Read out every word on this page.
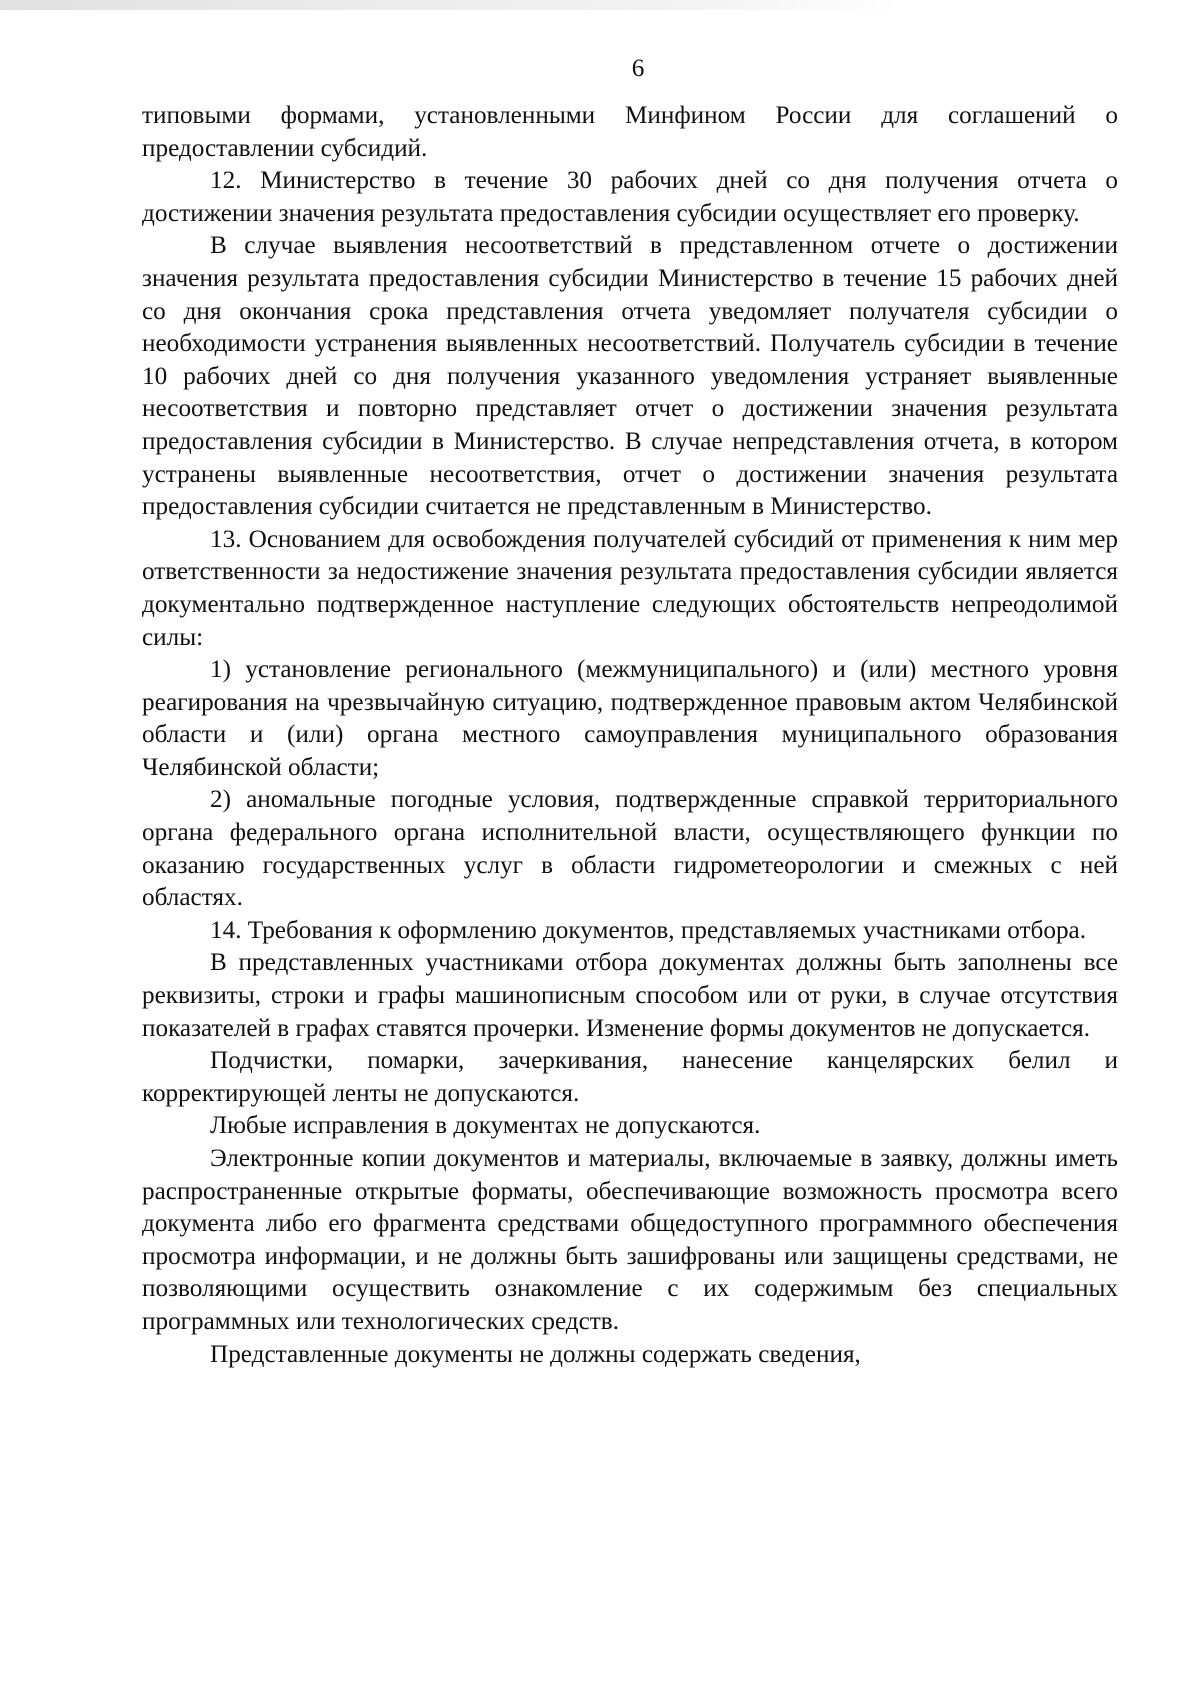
6

типовыми формами, установленными Минфином России для соглашений о предоставлении субсидий.

12. Министерство в течение 30 рабочих дней со дня получения отчета о достижении значения результата предоставления субсидии осуществляет его проверку.

В случае выявления несоответствий в представленном отчете о достижении значения результата предоставления субсидии Министерство в течение 15 рабочих дней со дня окончания срока представления отчета уведомляет получателя субсидии о необходимости устранения выявленных несоответствий. Получатель субсидии в течение 10 рабочих дней со дня получения указанного уведомления устраняет выявленные несоответствия и повторно представляет отчет о достижении значения результата предоставления субсидии в Министерство. В случае непредставления отчета, в котором устранены выявленные несоответствия, отчет о достижении значения результата предоставления субсидии считается не представленным в Министерство.

13. Основанием для освобождения получателей субсидий от применения к ним мер ответственности за недостижение значения результата предоставления субсидии является документально подтвержденное наступление следующих обстоятельств непреодолимой силы:

1) установление регионального (межмуниципального) и (или) местного уровня реагирования на чрезвычайную ситуацию, подтвержденное правовым актом Челябинской области и (или) органа местного самоуправления муниципального образования Челябинской области;

2) аномальные погодные условия, подтвержденные справкой территориального органа федерального органа исполнительной власти, осуществляющего функции по оказанию государственных услуг в области гидрометеорологии и смежных с ней областях.

14. Требования к оформлению документов, представляемых участниками отбора.

В представленных участниками отбора документах должны быть заполнены все реквизиты, строки и графы машинописным способом или от руки, в случае отсутствия показателей в графах ставятся прочерки. Изменение формы документов не допускается.

Подчистки, помарки, зачеркивания, нанесение канцелярских белил и корректирующей ленты не допускаются.

Любые исправления в документах не допускаются.

Электронные копии документов и материалы, включаемые в заявку, должны иметь распространенные открытые форматы, обеспечивающие возможность просмотра всего документа либо его фрагмента средствами общедоступного программного обеспечения просмотра информации, и не должны быть зашифрованы или защищены средствами, не позволяющими осуществить ознакомление с их содержимым без специальных программных или технологических средств.

Представленные документы не должны содержать сведения,
